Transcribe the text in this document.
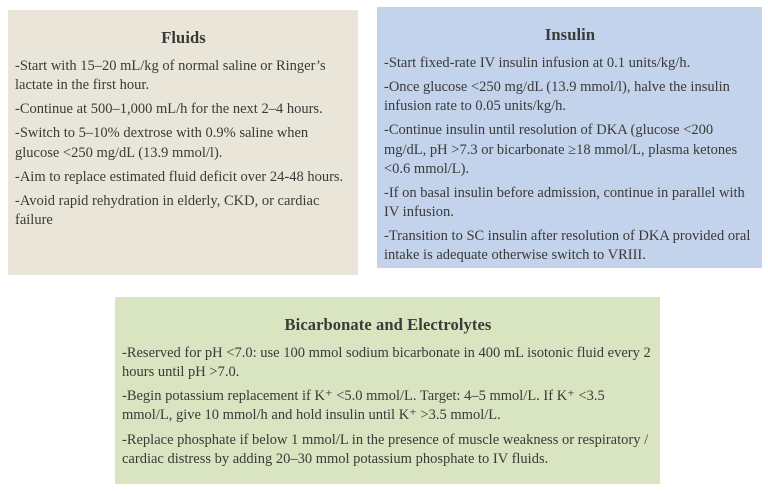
Fluids

-Start with 15–20 mL/kg of normal saline or Ringer’s lactate in the first hour.

-Continue at 500–1,000 mL/h for the next 2–4 hours.

-Switch to 5–10% dextrose with 0.9% saline when glucose <250 mg/dL (13.9 mmol/l).

-Aim to replace estimated fluid deficit over 24-48 hours.

-Avoid rapid rehydration in elderly, CKD, or cardiac failure

Insulin

-Start fixed-rate IV insulin infusion at 0.1 units/kg/h.

-Once glucose <250 mg/dL (13.9 mmol/l), halve the insulin infusion rate to 0.05 units/kg/h.

-Continue insulin until resolution of DKA (glucose <200 mg/dL, pH >7.3 or bicarbonate ≥18 mmol/L, plasma ketones <0.6 mmol/L).

-If on basal insulin before admission, continue in parallel with IV infusion.

-Transition to SC insulin after resolution of DKA provided oral intake is adequate otherwise switch to VRIII.

Bicarbonate and Electrolytes

-Reserved for pH <7.0: use 100 mmol sodium bicarbonate in 400 mL isotonic fluid every 2 hours until pH >7.0.

-Begin potassium replacement if K⁺ <5.0 mmol/L. Target: 4–5 mmol/L. If K⁺ <3.5 mmol/L, give 10 mmol/h and hold insulin until K⁺ >3.5 mmol/L.

-Replace phosphate if below 1 mmol/L in the presence of muscle weakness or respiratory / cardiac distress by adding 20–30 mmol potassium phosphate to IV fluids.
